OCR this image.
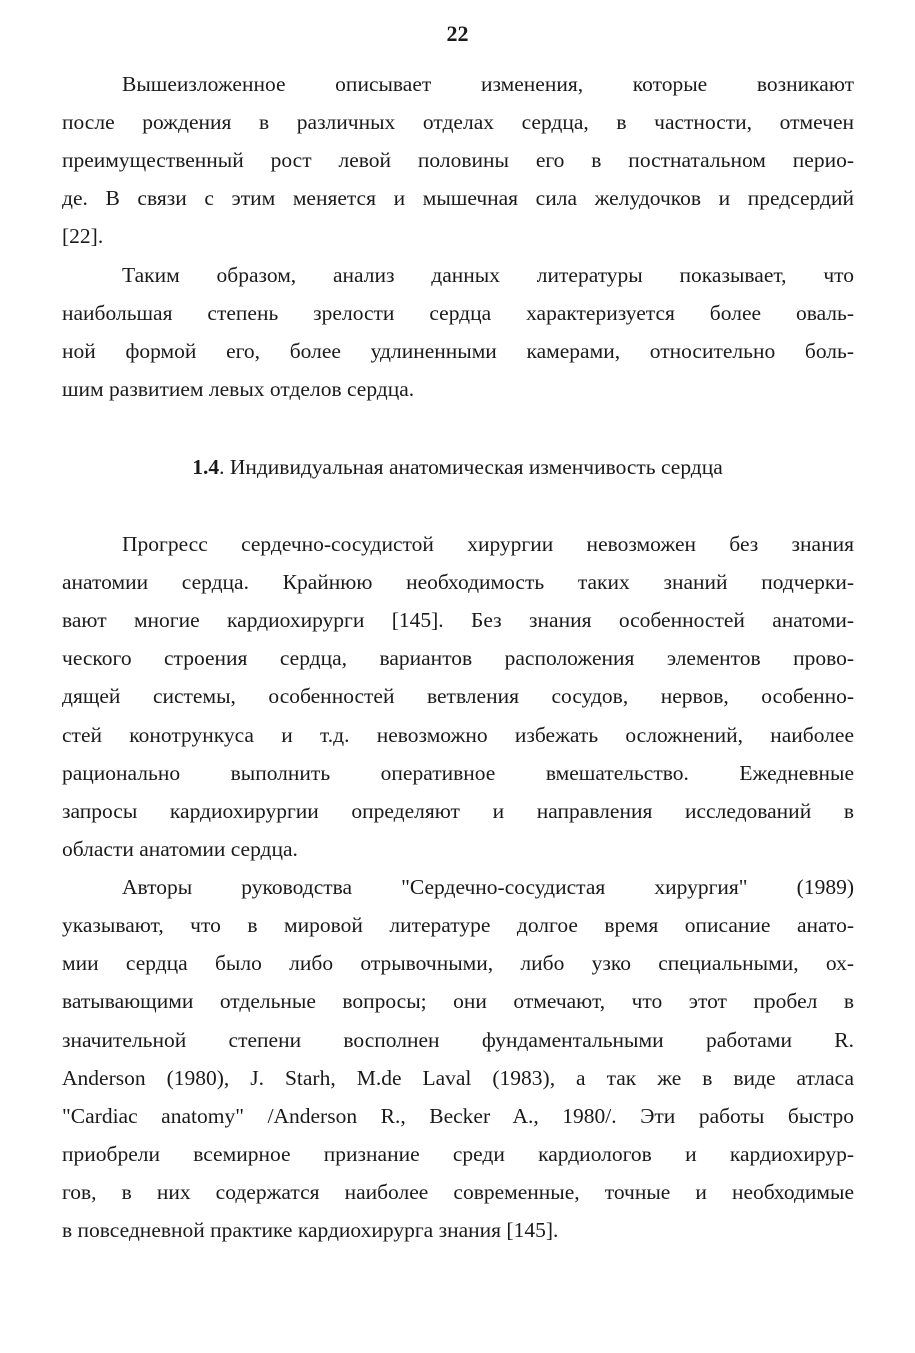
22
Вышеизложенное описывает изменения, которые возникают
после рождения в различных отделах сердца, в частности, отмечен
преимущественный рост левой половины его в постнатальном перио-
де. В связи с этим меняется и мышечная сила желудочков и предсердий
[22].
Таким образом, анализ данных литературы показывает, что
наибольшая степень зрелости сердца характеризуется более оваль-
ной формой его, более удлиненными камерами, относительно боль-
шим развитием левых отделов сердца.
1.4. Индивидуальная анатомическая изменчивость сердца
Прогресс сердечно-сосудистой хирургии невозможен без знания
анатомии сердца. Крайнюю необходимость таких знаний подчерки-
вают многие кардиохирурги [145]. Без знания особенностей анатоми-
ческого строения сердца, вариантов расположения элементов прово-
дящей системы, особенностей ветвления сосудов, нервов, особенно-
стей конотрункуса и т.д. невозможно избежать осложнений, наиболее
рационально выполнить оперативное вмешательство. Ежедневные
запросы кардиохирургии определяют и направления исследований в
области анатомии сердца.
Авторы руководства "Сердечно-сосудистая хирургия" (1989)
указывают, что в мировой литературе долгое время описание анато-
мии сердца было либо отрывочными, либо узко специальными, ох-
ватывающими отдельные вопросы; они отмечают, что этот пробел в
значительной степени восполнен фундаментальными работами R.
Anderson (1980), J. Starh, M.de Laval (1983), а так же в виде атласа
"Cardiac anatomy" /Anderson R., Becker A., 1980/. Эти работы быстро
приобрели всемирное признание среди кардиологов и кардиохирур-
гов, в них содержатся наиболее современные, точные и необходимые
в повседневной практике кардиохирурга знания [145].
